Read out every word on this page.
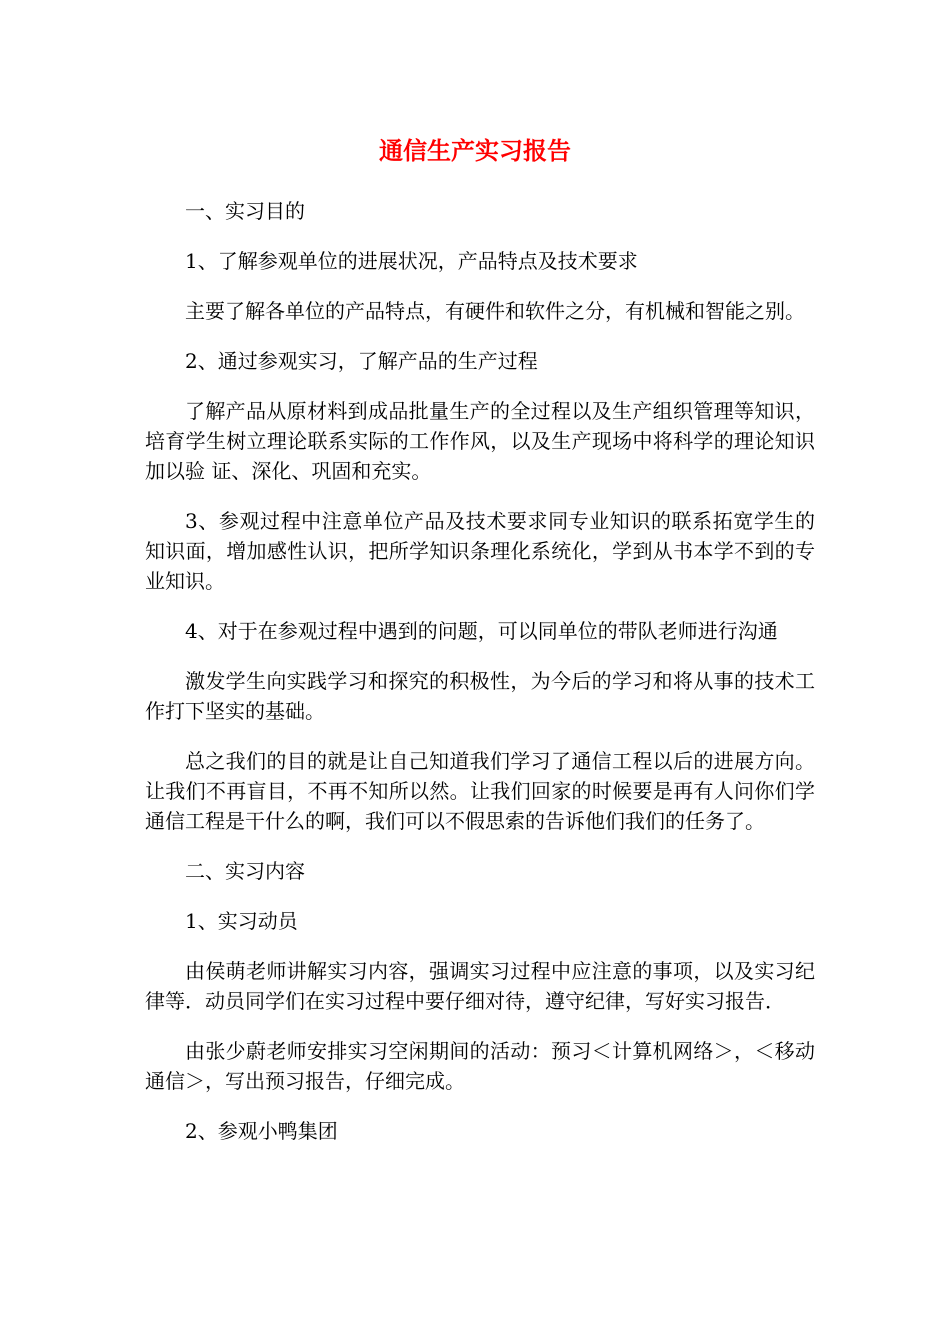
通信生产实习报告

一、实习目的

1、了解参观单位的进展状况，产品特点及技术要求

主要了解各单位的产品特点，有硬件和软件之分，有机械和智能之别。

2、通过参观实习，了解产品的生产过程

了解产品从原材料到成品批量生产的全过程以及生产组织管理等知识，培育学生树立理论联系实际的工作作风，以及生产现场中将科学的理论知识加以验 证、深化、巩固和充实。

3、参观过程中注意单位产品及技术要求同专业知识的联系拓宽学生的知识面，增加感性认识，把所学知识条理化系统化，学到从书本学不到的专业知识。

4、对于在参观过程中遇到的问题，可以同单位的带队老师进行沟通

激发学生向实践学习和探究的积极性，为今后的学习和将从事的技术工作打下坚实的基础。

总之我们的目的就是让自己知道我们学习了通信工程以后的进展方向。让我们不再盲目，不再不知所以然。让我们回家的时候要是再有人问你们学通信工程是干什么的啊，我们可以不假思索的告诉他们我们的任务了。

二、实习内容

1、实习动员

由侯萌老师讲解实习内容，强调实习过程中应注意的事项，以及实习纪律等．动员同学们在实习过程中要仔细对待，遵守纪律，写好实习报告．

由张少蔚老师安排实习空闲期间的活动：预习＜计算机网络＞，＜移动通信＞，写出预习报告，仔细完成。

2、参观小鸭集团
